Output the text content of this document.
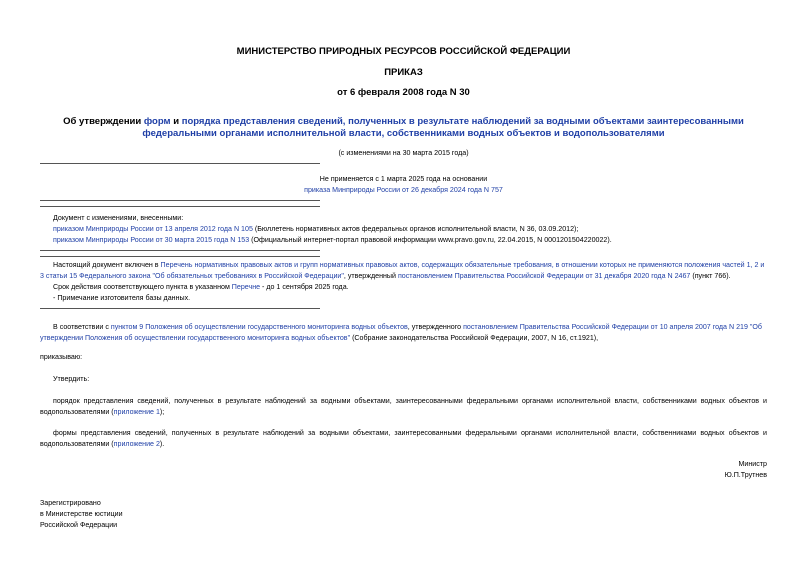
МИНИСТЕРСТВО ПРИРОДНЫХ РЕСУРСОВ РОССИЙСКОЙ ФЕДЕРАЦИИ
ПРИКАЗ
от 6 февраля 2008 года N 30
Об утверждении форм и порядка представления сведений, полученных в результате наблюдений за водными объектами заинтересованными федеральными органами исполнительной власти, собственниками водных объектов и водопользователями
(с изменениями на 30 марта 2015 года)
Не применяется с 1 марта 2025 года на основании
приказа Минприроды России от 26 декабря 2024 года N 757
Документ с изменениями, внесенными:
приказом Минприроды России от 13 апреля 2012 года N 105 (Бюллетень нормативных актов федеральных органов исполнительной власти, N 36, 03.09.2012);
приказом Минприроды России от 30 марта 2015 года N 153 (Официальный интернет-портал правовой информации www.pravo.gov.ru, 22.04.2015, N 0001201504220022).
Настоящий документ включен в Перечень нормативных правовых актов и групп нормативных правовых актов, содержащих обязательные требования, в отношении которых не применяются положения частей 1, 2 и 3 статьи 15 Федерального закона "Об обязательных требованиях в Российской Федерации", утвержденный постановлением Правительства Российской Федерации от 31 декабря 2020 года N 2467 (пункт 766).
Срок действия соответствующего пункта в указанном Перечне - до 1 сентября 2025 года.
- Примечание изготовителя базы данных.
В соответствии с пунктом 9 Положения об осуществлении государственного мониторинга водных объектов, утвержденного постановлением Правительства Российской Федерации от 10 апреля 2007 года N 219 "Об утверждении Положения об осуществлении государственного мониторинга водных объектов" (Собрание законодательства Российской Федерации, 2007, N 16, ст.1921),
приказываю:
Утвердить:
порядок представления сведений, полученных в результате наблюдений за водными объектами, заинтересованными федеральными органами исполнительной власти, собственниками водных объектов и водопользователями (приложение 1);
формы представления сведений, полученных в результате наблюдений за водными объектами, заинтересованными федеральными органами исполнительной власти, собственниками водных объектов и водопользователями (приложение 2).
Министр
Ю.П.Трутнев
Зарегистрировано
в Министерстве юстиции
Российской Федерации
